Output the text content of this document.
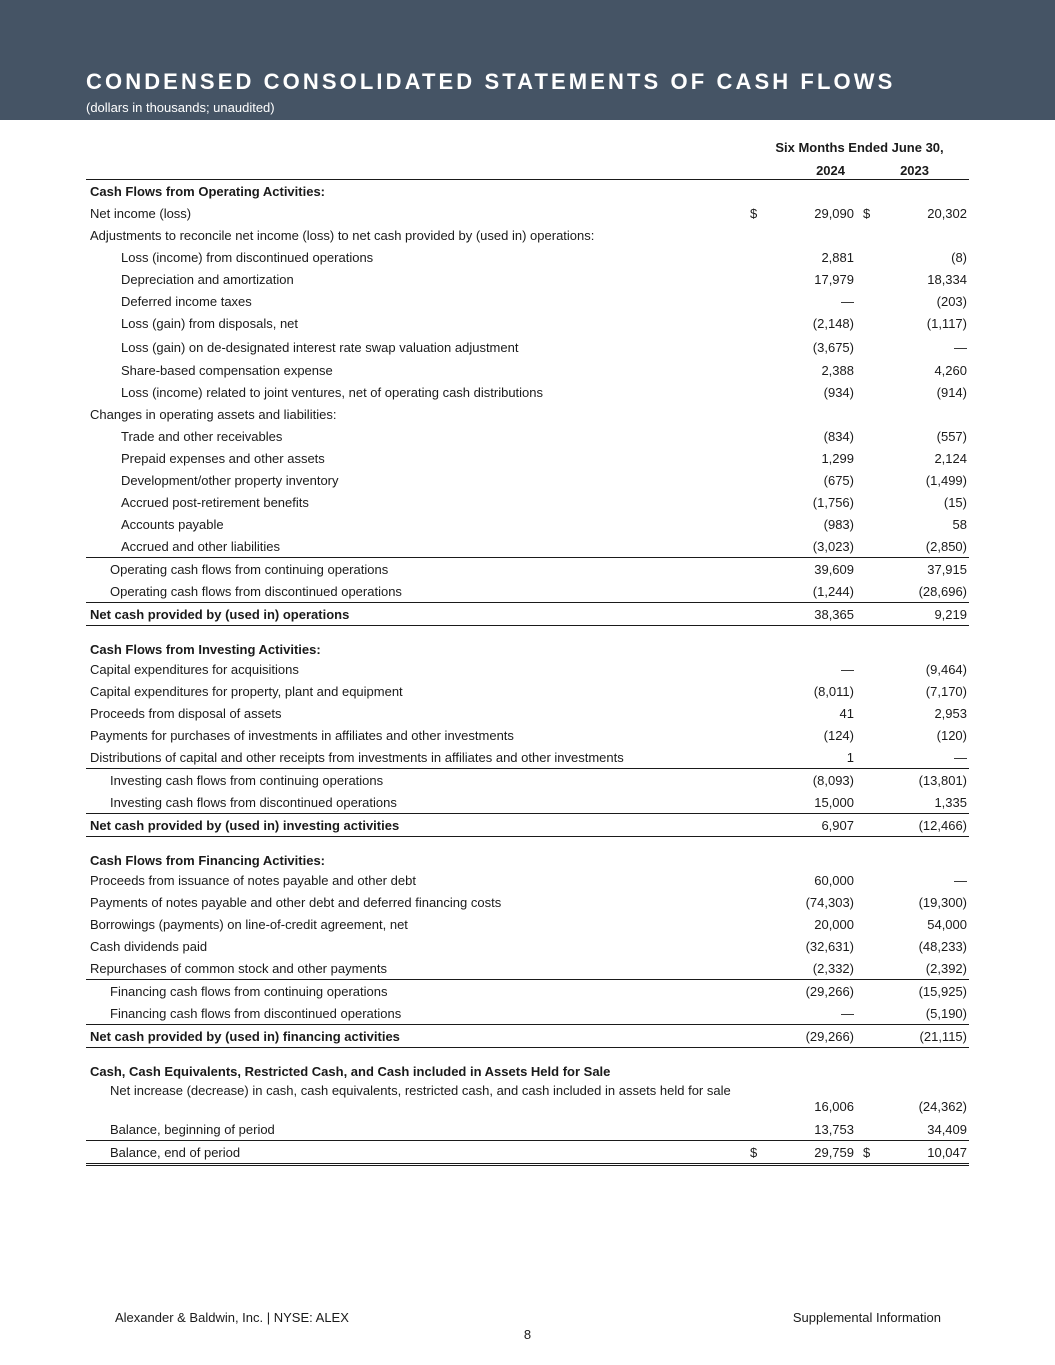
CONDENSED CONSOLIDATED STATEMENTS OF CASH FLOWS
(dollars in thousands; unaudited)
Six Months Ended June 30,
2024	2023
Cash Flows from Operating Activities:
Net income (loss)	$	29,090 $	20,302
Adjustments to reconcile net income (loss) to net cash provided by (used in) operations:
Loss (income) from discontinued operations	2,881	(8)
Depreciation and amortization	17,979	18,334
Deferred income taxes	—	(203)
Loss (gain) from disposals, net	(2,148)	(1,117)
Loss (gain) on de-designated interest rate swap valuation adjustment	(3,675)	—
Share-based compensation expense	2,388	4,260
Loss (income) related to joint ventures, net of operating cash distributions	(934)	(914)
Changes in operating assets and liabilities:
Trade and other receivables	(834)	(557)
Prepaid expenses and other assets	1,299	2,124
Development/other property inventory	(675)	(1,499)
Accrued post-retirement benefits	(1,756)	(15)
Accounts payable	(983)	58
Accrued and other liabilities	(3,023)	(2,850)
Operating cash flows from continuing operations	39,609	37,915
Operating cash flows from discontinued operations	(1,244)	(28,696)
Net cash provided by (used in) operations	38,365	9,219
Cash Flows from Investing Activities:
Capital expenditures for acquisitions	—	(9,464)
Capital expenditures for property, plant and equipment	(8,011)	(7,170)
Proceeds from disposal of assets	41	2,953
Payments for purchases of investments in affiliates and other investments	(124)	(120)
Distributions of capital and other receipts from investments in affiliates and other investments	1	—
Investing cash flows from continuing operations	(8,093)	(13,801)
Investing cash flows from discontinued operations	15,000	1,335
Net cash provided by (used in) investing activities	6,907	(12,466)
Cash Flows from Financing Activities:
Proceeds from issuance of notes payable and other debt	60,000	—
Payments of notes payable and other debt and deferred financing costs	(74,303)	(19,300)
Borrowings (payments) on line-of-credit agreement, net	20,000	54,000
Cash dividends paid	(32,631)	(48,233)
Repurchases of common stock and other payments	(2,332)	(2,392)
Financing cash flows from continuing operations	(29,266)	(15,925)
Financing cash flows from discontinued operations	—	(5,190)
Net cash provided by (used in) financing activities	(29,266)	(21,115)
Cash, Cash Equivalents, Restricted Cash, and Cash included in Assets Held for Sale
Net increase (decrease) in cash, cash equivalents, restricted cash, and cash included in assets held for sale
16,006	(24,362)
Balance, beginning of period	13,753	34,409
Balance, end of period	$	29,759 $	10,047
Alexander & Baldwin, Inc. | NYSE: ALEX	Supplemental Information
8
